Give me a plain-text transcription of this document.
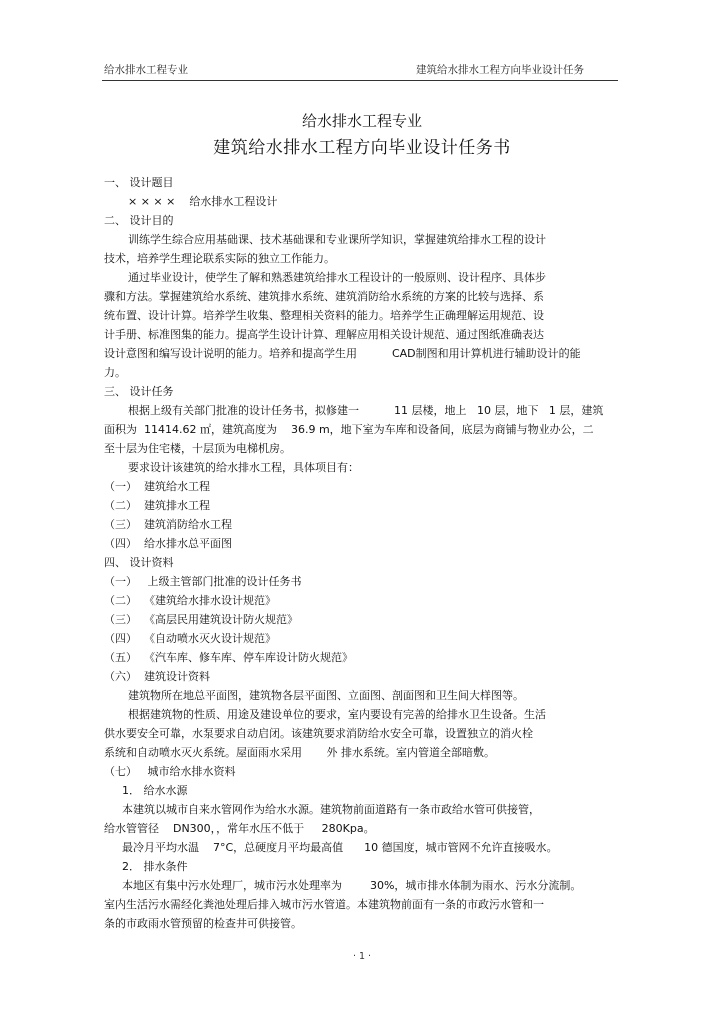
给水排水工程专业	建筑给水排水工程方向毕业设计任务
给水排水工程专业
建筑给水排水工程方向毕业设计任务书
一、 设计题目
× × × ×    给水排水工程设计
二、 设计目的
训练学生综合应用基础课、技术基础课和专业课所学知识，掌握建筑给排水工程的设计
技术，培养学生理论联系实际的独立工作能力。
通过毕业设计，使学生了解和熟悉建筑给排水工程设计的一般原则、设计程序、具体步
骤和方法。掌握建筑给水系统、建筑排水系统、建筑消防给水系统的方案的比较与选择、系
统布置、设计计算。培养学生收集、整理相关资料的能力。培养学生正确理解运用规范、设
计手册、标准图集的能力。提高学生设计计算、理解应用相关设计规范、通过图纸准确表达
设计意图和编写设计说明的能力。培养和提高学生用          CAD制图和用计算机进行辅助设计的能
力。
三、 设计任务
根据上级有关部门批准的设计任务书，拟修建一          11 层楼，地上   10 层，地下   1 层，建筑
面积为  11414.62 ㎡，建筑高度为    36.9 m，地下室为车库和设备间，底层为商铺与物业办公，二
至十层为住宅楼，十层顶为电梯机房。
要求设计该建筑的给水排水工程，具体项目有：
（一）  建筑给水工程
（二）  建筑排水工程
（三）  建筑消防给水工程
（四）  给水排水总平面图
四、 设计资料
（一）   上级主管部门批准的设计任务书
（二）  《建筑给水排水设计规范》
（三）  《高层民用建筑设计防火规范》
（四）  《自动喷水灭火设计规范》
（五）  《汽车库、修车库、停车库设计防火规范》
（六）  建筑设计资料
建筑物所在地总平面图，建筑物各层平面图、立面图、剖面图和卫生间大样图等。
根据建筑物的性质、用途及建设单位的要求，室内要设有完善的给排水卫生设备。生活
供水要安全可靠，水泵要求自动启闭。该建筑要求消防给水安全可靠，设置独立的消火栓
系统和自动喷水灭火系统。屋面雨水采用       外 排水系统。室内管道全部暗敷。
（七）   城市给水排水资料
1． 给水水源
本建筑以城市自来水管网作为给水水源。建筑物前面道路有一条市政给水管可供接管，
给水管管径    DN300，，常年水压不低于     280Kpa。
最冷月平均水温    7°C，总硬度月平均最高值      10 德国度，城市管网不允许直接吸水。
2． 排水条件
本地区有集中污水处理厂，城市污水处理率为        30%，城市排水体制为雨水、污水分流制。
室内生活污水需经化粪池处理后排入城市污水管道。本建筑物前面有一条的市政污水管和一
条的市政雨水管预留的检查井可供接管。
· 1 ·
